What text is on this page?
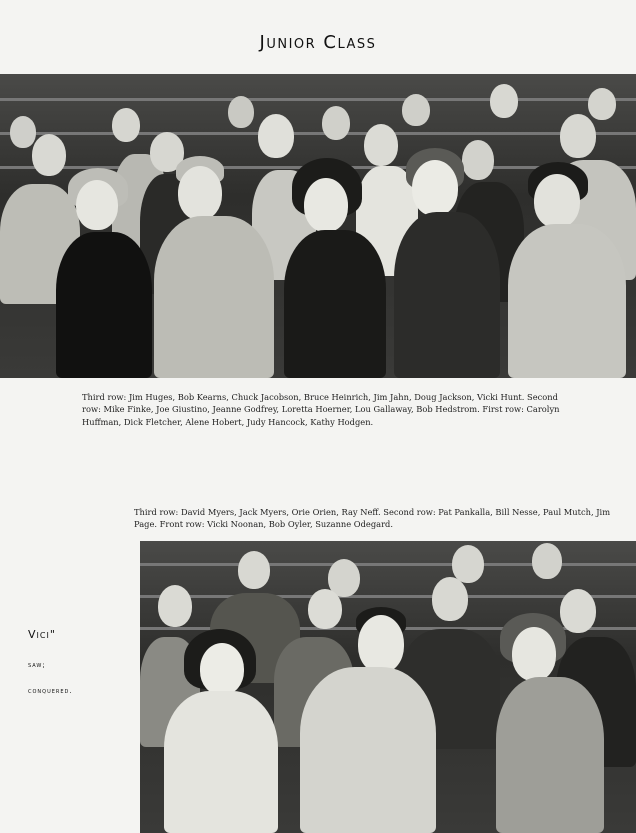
Junior Class
Third row: Jim Huges, Bob Kearns, Chuck Jacobson, Bruce Heinrich, Jim Jahn, Doug Jackson, Vicki Hunt. Second row: Mike Finke, Joe Giustino, Jeanne Godfrey, Loretta Hoerner, Lou Gallaway, Bob Hedstrom. First row: Carolyn Huffman, Dick Fletcher, Alene Hobert, Judy Hancock, Kathy Hodgen.
Third row: David Myers, Jack Myers, Orie Orien, Ray Neff. Second row: Pat Pankalla, Bill Nesse, Paul Mutch, Jim Page. Front row: Vicki Noonan, Bob Oyler, Suzanne Odegard.
Vici"
saw;
conquered.
